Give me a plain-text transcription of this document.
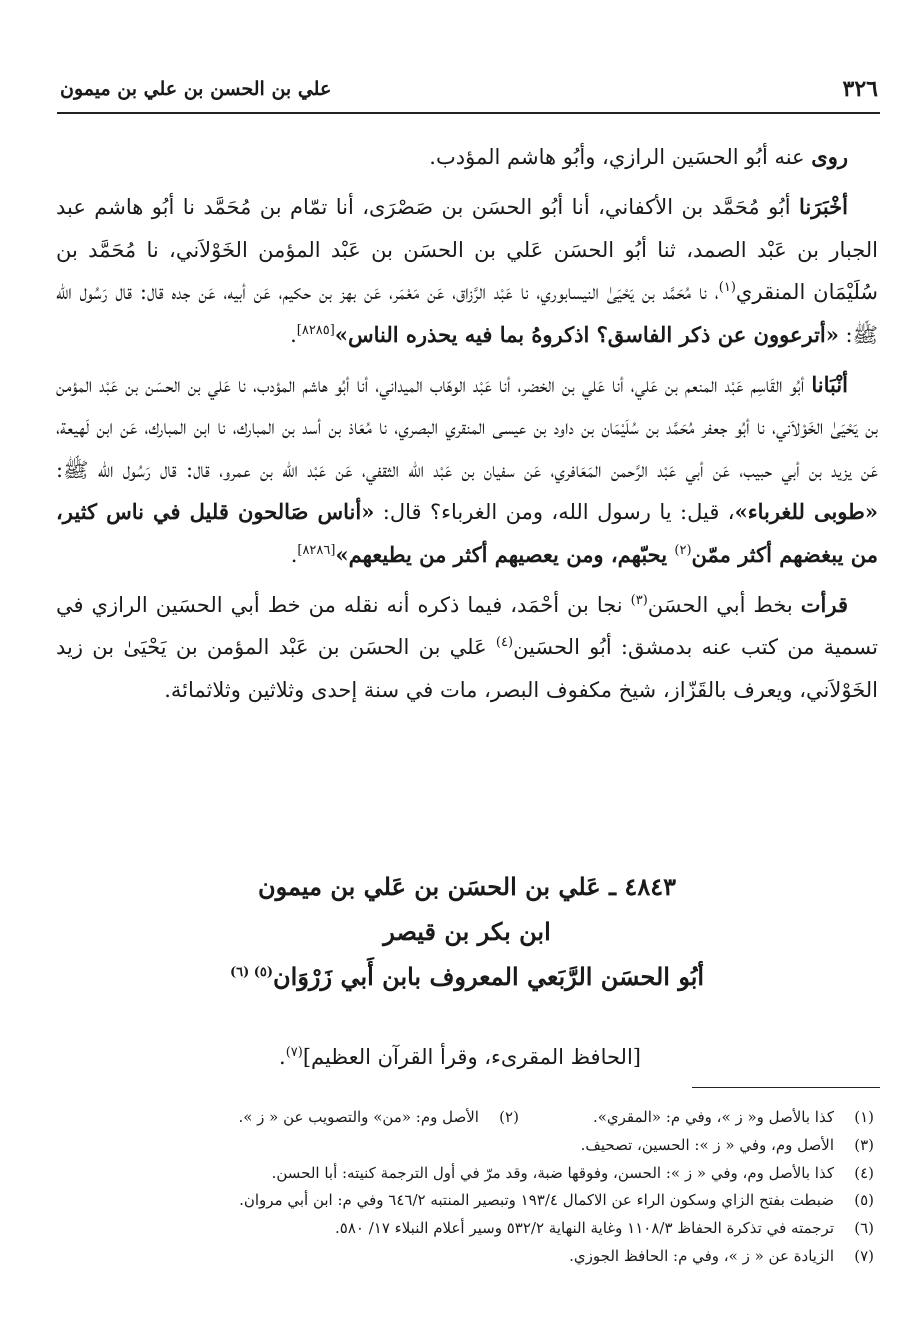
٣٢٦
علي بن الحسن بن علي بن ميمون

روى عنه أبُو الحسَين الرازي، وأبُو هاشم المؤدب.

أخْبَرَنا أبُو مُحَمَّد بن الأكفاني، أنا أبُو الحسَن بن صَصْرَى، أنا تمّام بن مُحَمَّد نا أبُو هاشم عبد الجبار بن عَبْد الصمد، ثنا أبُو الحسَن عَلي بن الحسَن بن عَبْد المؤمن الخَوْلاَني، نا مُحَمَّد بن سُلَيْمَان المنقري$^{(١)}$، نا مُحَمَّد بن يَحْيَىٰ النيسابوري، نا عَبْد الرَّزاق، عَن مَعْمَر، عَن بهز بن حكيم، عَن أبيه، عَن جده قال: قال رَسُول الله ﷺ: «أترعوون عن ذكر الفاسق؟ اذكروهُ بما فيه يحذره الناس»[٨٢٨٥].

أنْبَانا أبُو القَاسِم عَبْد المنعم بن عَلي، أنا عَلي بن الخضر، أنا عَبْد الوهّاب الميداني، أنا أبُو هاشم المؤدب، نا عَلي بن الحسَن بن عَبْد المؤمن بن يَحْيَىٰ الخَوْلاَني، نا أبُو جعفر مُحَمَّد بن سُلَيْمَان بن داود بن عيسى المنقري البصري، نا مُعَاذ بن أسد بن المبارك، نا ابن المبارك، عَن ابن لَهيعة، عَن يزيد بن أبي حبيب، عَن أبي عَبْد الرَّحمن المَعَافري، عَن سفيان بن عَبْد اللّه الثقفي، عَن عَبْد اللّه بن عمرو، قال: قال رَسُول الله ﷺ: «طوبى للغرباء»، قيل: يا رسول الله، ومن الغرباء؟ قال: «أناس صَالحون قليل في ناس كثير، من يبغضهم أكثر ممّن$^{(٢)}$ يحبّهم، ومن يعصيهم أكثر من يطيعهم»[٨٢٨٦].

قرأت بخط أبي الحسَن$^{(٣)}$ نجا بن أحْمَد، فيما ذكره أنه نقله من خط أبي الحسَين الرازي في تسمية من كتب عنه بدمشق: أبُو الحسَين$^{(٤)}$ عَلي بن الحسَن بن عَبْد المؤمن بن يَحْيَىٰ بن زيد الخَوْلاَني، ويعرف بالقَزّاز، شيخ مكفوف البصر، مات في سنة إحدى وثلاثين وثلاثمائة.

٤٨٤٣ ـ عَلي بن الحسَن بن عَلي بن ميمون
ابن بكر بن قيصر
أبُو الحسَن الرَّبَعي المعروف بابن أَبي زَرْوَان$^{(٥) (٦)}$
[الحافظ المقرىء، وقرأ القرآن العظيم]$^{(٧)}$.
(١)
كذا بالأصل و« ز »، وفي م: «المقري».
(٢)
الأصل وم: «من» والتصويب عن « ز ».
(٣)
الأصل وم، وفي « ز »: الحسين، تصحيف.
(٤)
كذا بالأصل وم، وفي « ز »: الحسن، وفوقها ضبة، وقد مرّ في أول الترجمة كنيته: أبا الحسن.
(٥)
ضبطت بفتح الزاي وسكون الراء عن الاكمال ١٩٣/٤ وتبصير المنتبه ٦٤٦/٢ وفي م: ابن أبي مروان.
(٦)
ترجمته في تذكرة الحفاظ ١١٠٨/٣ وغاية النهاية ٥٣٢/٢ وسير أعلام النبلاء ١٧/ ٥٨٠.
(٧)
الزيادة عن « ز »، وفي م: الحافظ الجوزي.
